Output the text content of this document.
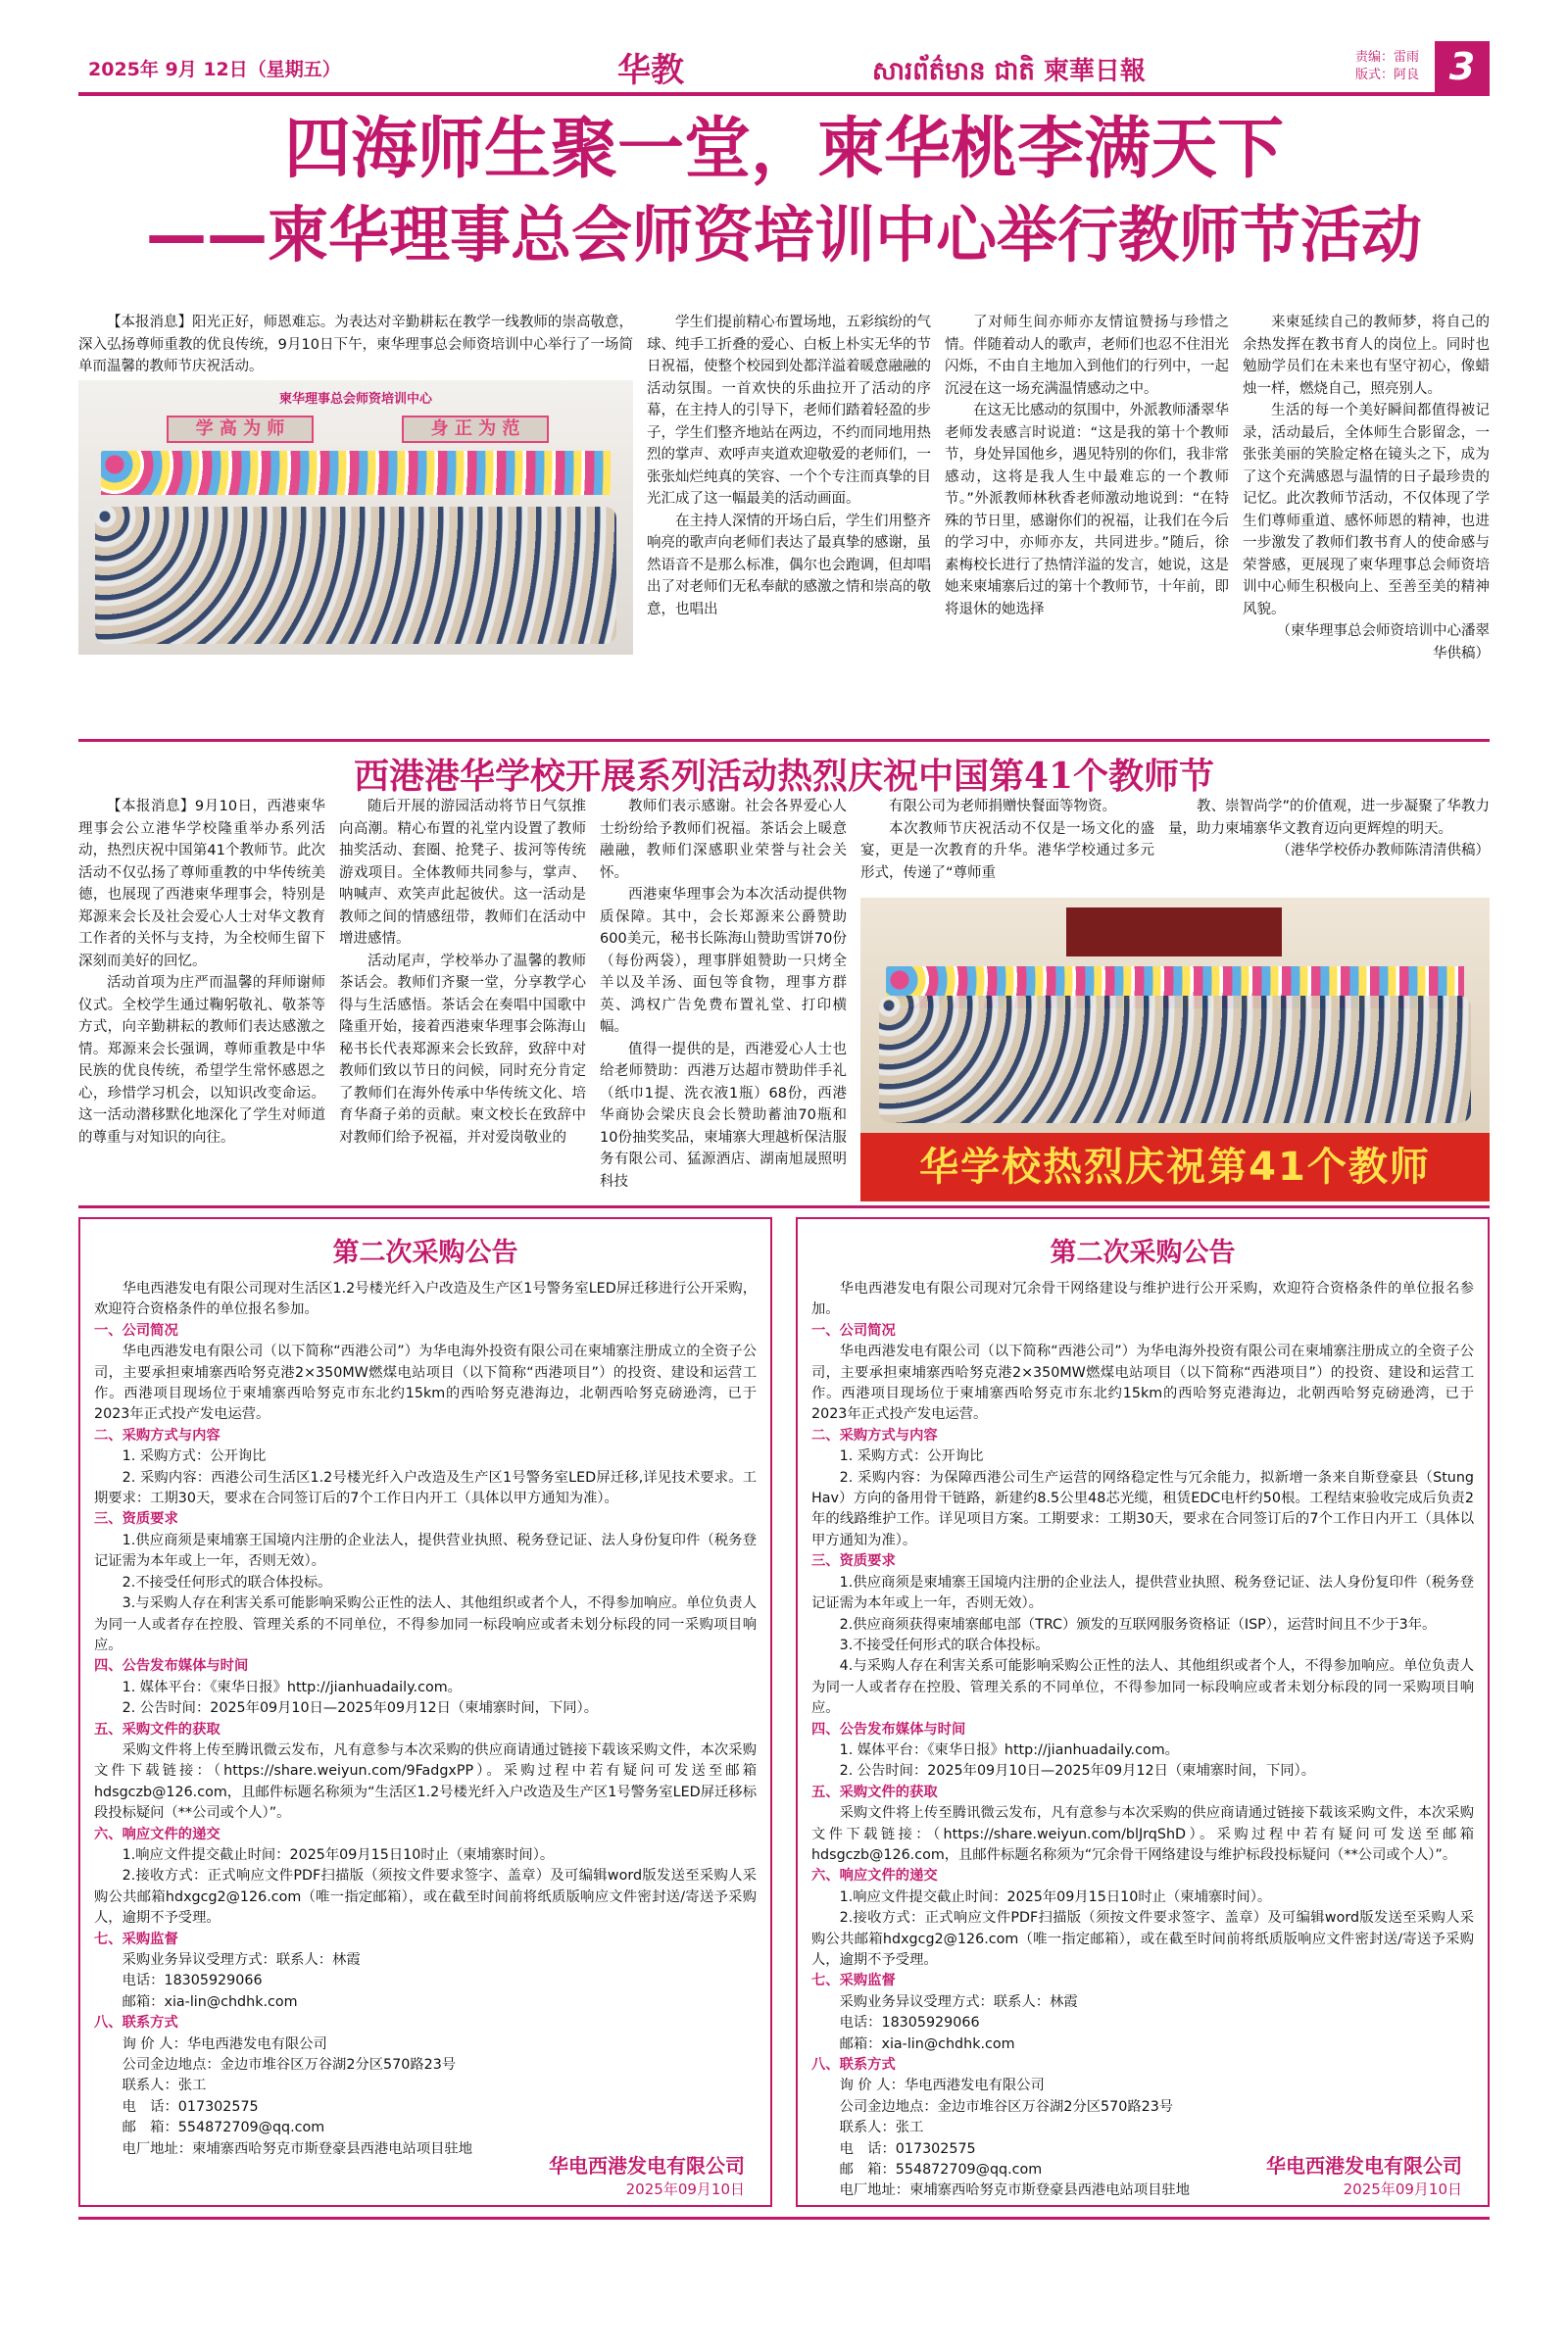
2025年 9月 12日（星期五）	华教	សារព័ត៌មាន ជាតិ 柬華日報	责编：雷雨
版式：阿良 3
四海师生聚一堂，柬华桃李满天下
——柬华理事总会师资培训中心举行教师节活动

【本报消息】阳光正好，师恩难忘。为表达对辛勤耕耘在教学一线教师的崇高敬意，深入弘扬尊师重教的优良传统，9月10日下午，柬华理事总会师资培训中心举行了一场简单而温馨的教师节庆祝活动。

柬华理事总会师资培训中心
学 高 为 师	身 正 为 范

学生们提前精心布置场地，五彩缤纷的气球、纯手工折叠的爱心、白板上朴实无华的节日祝福，使整个校园到处都洋溢着暖意融融的活动氛围。一首欢快的乐曲拉开了活动的序幕，在主持人的引导下，老师们踏着轻盈的步子，学生们整齐地站在两边，不约而同地用热烈的掌声、欢呼声夹道欢迎敬爱的老师们，一张张灿烂纯真的笑容、一个个专注而真挚的目光汇成了这一幅最美的活动画面。

在主持人深情的开场白后，学生们用整齐响亮的歌声向老师们表达了最真挚的感谢，虽然语音不是那么标准，偶尔也会跑调，但却唱出了对老师们无私奉献的感激之情和崇高的敬意，也唱出

了对师生间亦师亦友情谊赞扬与珍惜之情。伴随着动人的歌声，老师们也忍不住泪光闪烁，不由自主地加入到他们的行列中，一起沉浸在这一场充满温情感动之中。

在这无比感动的氛围中，外派教师潘翠华老师发表感言时说道：“这是我的第十个教师节，身处异国他乡，遇见特别的你们，我非常感动，这将是我人生中最难忘的一个教师节。”外派教师林秋香老师激动地说到：“在特殊的节日里，感谢你们的祝福，让我们在今后的学习中，亦师亦友，共同进步。”随后，徐素梅校长进行了热情洋溢的发言，她说，这是她来柬埔寨后过的第十个教师节，十年前，即将退休的她选择

来柬延续自己的教师梦，将自己的余热发挥在教书育人的岗位上。同时也勉励学员们在未来也有坚守初心，像蜡烛一样，燃烧自己，照亮别人。

生活的每一个美好瞬间都值得被记录，活动最后，全体师生合影留念，一张张美丽的笑脸定格在镜头之下，成为了这个充满感恩与温情的日子最珍贵的记忆。此次教师节活动，不仅体现了学生们尊师重道、感怀师恩的精神，也进一步激发了教师们教书育人的使命感与荣誉感，更展现了柬华理事总会师资培训中心师生积极向上、至善至美的精神风貌。

（柬华理事总会师资培训中心潘翠华供稿）

西港港华学校开展系列活动热烈庆祝中国第41个教师节

【本报消息】9月10日，西港柬华理事会公立港华学校隆重举办系列活动，热烈庆祝中国第41个教师节。此次活动不仅弘扬了尊师重教的中华传统美德，也展现了西港柬华理事会，特别是郑源来会长及社会爱心人士对华文教育工作者的关怀与支持，为全校师生留下深刻而美好的回忆。

活动首项为庄严而温馨的拜师谢师仪式。全校学生通过鞠躬敬礼、敬茶等方式，向辛勤耕耘的教师们表达感激之情。郑源来会长强调，尊师重教是中华民族的优良传统，希望学生常怀感恩之心，珍惜学习机会，以知识改变命运。这一活动潜移默化地深化了学生对师道的尊重与对知识的向往。

随后开展的游园活动将节日气氛推向高潮。精心布置的礼堂内设置了教师抽奖活动、套圈、抢凳子、拔河等传统游戏项目。全体教师共同参与，掌声、呐喊声、欢笑声此起彼伏。这一活动是教师之间的情感纽带，教师们在活动中增进感情。

活动尾声，学校举办了温馨的教师茶话会。教师们齐聚一堂，分享教学心得与生活感悟。茶话会在奏唱中国歌中隆重开始，接着西港柬华理事会陈海山秘书长代表郑源来会长致辞，致辞中对教师们致以节日的问候，同时充分肯定了教师们在海外传承中华传统文化、培育华裔子弟的贡献。柬文校长在致辞中对教师们给予祝福，并对爱岗敬业的

教师们表示感谢。社会各界爱心人士纷纷给予教师们祝福。茶话会上暖意融融，教师们深感职业荣誉与社会关怀。

西港柬华理事会为本次活动提供物质保障。其中，会长郑源来公爵赞助600美元，秘书长陈海山赞助雪饼70份（每份两袋），理事胖姐赞助一只烤全羊以及羊汤、面包等食物，理事方群英、鸿权广告免费布置礼堂、打印横幅。

值得一提供的是，西港爱心人士也给老师赞助：西港万达超市赞助伴手礼（纸巾1提、洗衣液1瓶）68份，西港华商协会梁庆良会长赞助蓄油70瓶和10份抽奖奖品，柬埔寨大理越析保洁服务有限公司、猛源酒店、湖南旭晟照明科技

有限公司为老师捐赠快餐面等物资。

本次教师节庆祝活动不仅是一场文化的盛宴，更是一次教育的升华。港华学校通过多元形式，传递了“尊师重

教、崇智尚学”的价值观，进一步凝聚了华教力量，助力柬埔寨华文教育迈向更辉煌的明天。

（港华学校侨办教师陈清清供稿）

华学校热烈庆祝第41个教师
第二次采购公告

华电西港发电有限公司现对生活区1.2号楼光纤入户改造及生产区1号警务室LED屏迁移进行公开采购，欢迎符合资格条件的单位报名参加。

一、公司简况

华电西港发电有限公司（以下简称“西港公司”）为华电海外投资有限公司在柬埔寨注册成立的全资子公司，主要承担柬埔寨西哈努克港2×350MW燃煤电站项目（以下简称“西港项目”）的投资、建设和运营工作。西港项目现场位于柬埔寨西哈努克市东北约15km的西哈努克港海边，北朝西哈努克磅逊湾，已于2023年正式投产发电运营。

二、采购方式与内容

1. 采购方式：公开询比

2. 采购内容：西港公司生活区1.2号楼光纤入户改造及生产区1号警务室LED屏迁移,详见技术要求。工期要求：工期30天，要求在合同签订后的7个工作日内开工（具体以甲方通知为准）。

三、资质要求

1.供应商须是柬埔寨王国境内注册的企业法人，提供营业执照、税务登记证、法人身份复印件（税务登记证需为本年或上一年，否则无效）。

2.不接受任何形式的联合体投标。

3.与采购人存在利害关系可能影响采购公正性的法人、其他组织或者个人，不得参加响应。单位负责人为同一人或者存在控股、管理关系的不同单位，不得参加同一标段响应或者未划分标段的同一采购项目响应。

四、公告发布媒体与时间

1. 媒体平台：《柬华日报》http://jianhuadaily.com。

2. 公告时间：2025年09月10日—2025年09月12日（柬埔寨时间，下同）。

五、采购文件的获取

采购文件将上传至腾讯微云发布，凡有意参与本次采购的供应商请通过链接下载该采购文件，本次采购文件下载链接：（https://share.weiyun.com/9FadgxPP）。采购过程中若有疑问可发送至邮箱hdsgczb@126.com，且邮件标题名称须为“生活区1.2号楼光纤入户改造及生产区1号警务室LED屏迁移标段投标疑问（**公司或个人）”。

六、响应文件的递交

1.响应文件提交截止时间：2025年09月15日10时止（柬埔寨时间）。

2.接收方式：正式响应文件PDF扫描版（须按文件要求签字、盖章）及可编辑word版发送至采购人采购公共邮箱hdxgcg2@126.com（唯一指定邮箱），或在截至时间前将纸质版响应文件密封送/寄送予采购人，逾期不予受理。

七、采购监督

采购业务异议受理方式：联系人：林霞

电话：18305929066

邮箱：xia-lin@chdhk.com

八、联系方式

询 价 人：华电西港发电有限公司

公司金边地点：金边市堆谷区万谷湖2分区570路23号

联系人：张工

电　话：017302575

邮　箱：554872709@qq.com

电厂地址：柬埔寨西哈努克市斯登豪县西港电站项目驻地

华电西港发电有限公司
2025年09月10日
第二次采购公告

华电西港发电有限公司现对冗余骨干网络建设与维护进行公开采购，欢迎符合资格条件的单位报名参加。

一、公司简况

华电西港发电有限公司（以下简称“西港公司”）为华电海外投资有限公司在柬埔寨注册成立的全资子公司，主要承担柬埔寨西哈努克港2×350MW燃煤电站项目（以下简称“西港项目”）的投资、建设和运营工作。西港项目现场位于柬埔寨西哈努克市东北约15km的西哈努克港海边，北朝西哈努克磅逊湾，已于2023年正式投产发电运营。

二、采购方式与内容

1. 采购方式：公开询比

2. 采购内容：为保障西港公司生产运营的网络稳定性与冗余能力，拟新增一条来自斯登豪县（Stung Hav）方向的备用骨干链路，新建约8.5公里48芯光缆，租赁EDC电杆约50根。工程结束验收完成后负责2年的线路维护工作。详见项目方案。工期要求：工期30天，要求在合同签订后的7个工作日内开工（具体以甲方通知为准）。

三、资质要求

1.供应商须是柬埔寨王国境内注册的企业法人，提供营业执照、税务登记证、法人身份复印件（税务登记证需为本年或上一年，否则无效）。

2.供应商须获得柬埔寨邮电部（TRC）颁发的互联网服务资格证（ISP），运营时间且不少于3年。

3.不接受任何形式的联合体投标。

4.与采购人存在利害关系可能影响采购公正性的法人、其他组织或者个人，不得参加响应。单位负责人为同一人或者存在控股、管理关系的不同单位，不得参加同一标段响应或者未划分标段的同一采购项目响应。

四、公告发布媒体与时间

1. 媒体平台：《柬华日报》http://jianhuadaily.com。

2. 公告时间：2025年09月10日—2025年09月12日（柬埔寨时间，下同）。

五、采购文件的获取

采购文件将上传至腾讯微云发布，凡有意参与本次采购的供应商请通过链接下载该采购文件，本次采购文件下载链接：（https://share.weiyun.com/blJrqShD）。采购过程中若有疑问可发送至邮箱hdsgczb@126.com，且邮件标题名称须为“冗余骨干网络建设与维护标段投标疑问（**公司或个人）”。

六、响应文件的递交

1.响应文件提交截止时间：2025年09月15日10时止（柬埔寨时间）。

2.接收方式：正式响应文件PDF扫描版（须按文件要求签字、盖章）及可编辑word版发送至采购人采购公共邮箱hdxgcg2@126.com（唯一指定邮箱），或在截至时间前将纸质版响应文件密封送/寄送予采购人，逾期不予受理。

七、采购监督

采购业务异议受理方式：联系人：林霞

电话：18305929066

邮箱：xia-lin@chdhk.com

八、联系方式

询 价 人：华电西港发电有限公司

公司金边地点：金边市堆谷区万谷湖2分区570路23号

联系人：张工

电　话：017302575

邮　箱：554872709@qq.com

电厂地址：柬埔寨西哈努克市斯登豪县西港电站项目驻地

华电西港发电有限公司
2025年09月10日
